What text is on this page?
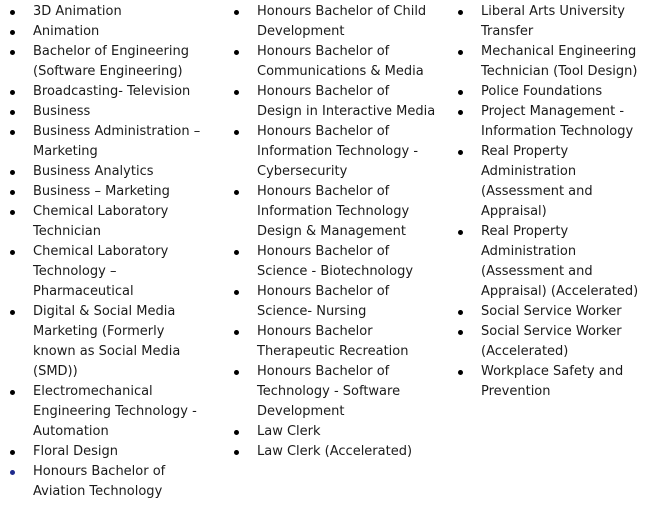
3D Animation
Animation
Bachelor of Engineering (Software Engineering)
Broadcasting- Television
Business
Business Administration – Marketing
Business Analytics
Business – Marketing
Chemical Laboratory Technician
Chemical Laboratory Technology – Pharmaceutical
Digital & Social Media Marketing (Formerly known as Social Media (SMD))
Electromechanical Engineering Technology - Automation
Floral Design
Honours Bachelor of Aviation Technology
Honours Bachelor of Child Development
Honours Bachelor of Communications & Media
Honours Bachelor of Design in Interactive Media
Honours Bachelor of Information Technology - Cybersecurity
Honours Bachelor of Information Technology Design & Management
Honours Bachelor of Science - Biotechnology
Honours Bachelor of Science- Nursing
Honours Bachelor Therapeutic Recreation
Honours Bachelor of Technology - Software Development
Law Clerk
Law Clerk (Accelerated)
Liberal Arts University Transfer
Mechanical Engineering Technician (Tool Design)
Police Foundations
Project Management - Information Technology
Real Property Administration (Assessment and Appraisal)
Real Property Administration (Assessment and Appraisal) (Accelerated)
Social Service Worker
Social Service Worker (Accelerated)
Workplace Safety and Prevention
